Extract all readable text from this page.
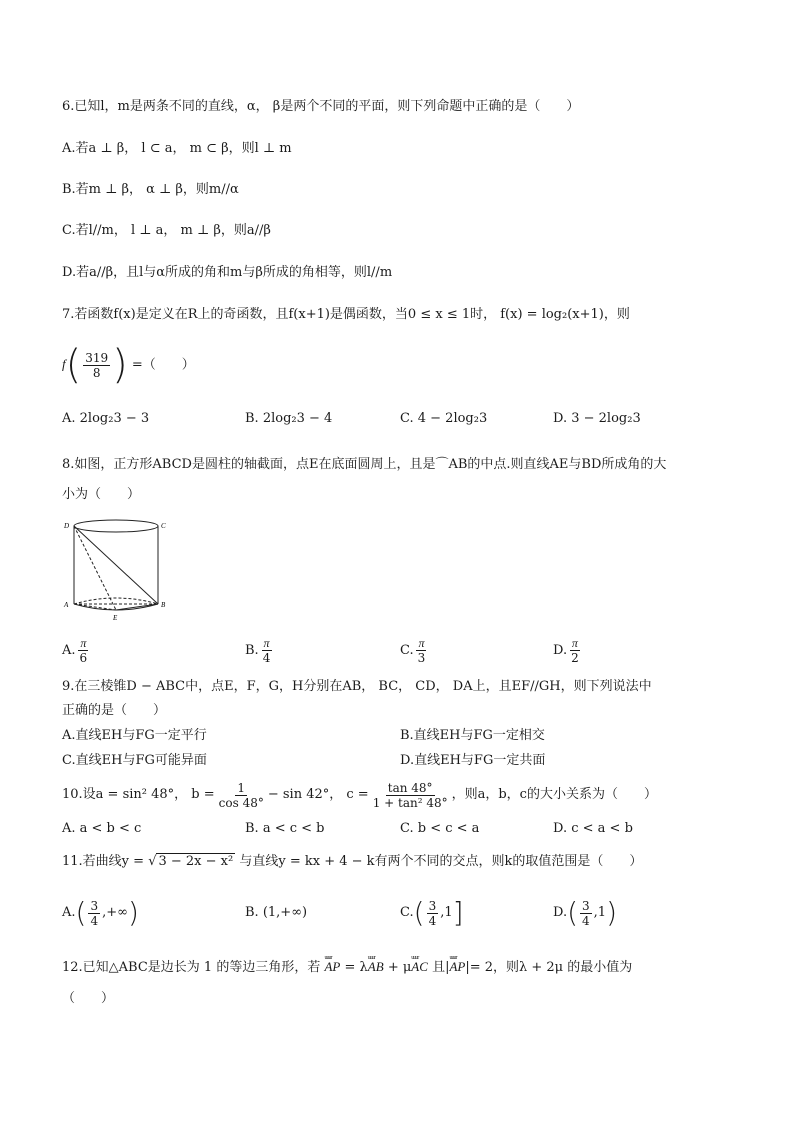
6.已知l，m是两条不同的直线，α， β是两个不同的平面，则下列命题中正确的是（　　）
A.若a ⊥ β， l ⊂ a， m ⊂ β，则l ⊥ m
B.若m ⊥ β， α ⊥ β，则m//α
C.若l//m， l ⊥ a， m ⊥ β，则a//β
D.若a//β，且l与α所成的角和m与β所成的角相等，则l//m
7.若函数f(x)是定义在R上的奇函数，且f(x+1)是偶函数，当0 ≤ x ≤ 1时， f(x) = log₂(x+1)，则
$f( \frac{319}{8}$ ) =（　　）
A. 2log₂3 − 3	B. 2log₂3 − 4	C. 4 − 2log₂3	D. 3 − 2log₂3
8.如图，正方形ABCD是圆柱的轴截面，点E在底面圆周上，且是⌒AB的中点.则直线AE与BD所成角的大
小为（　　）
D	C
A	B
E
A. $\frac{\pi}{6}$	B. $\frac{\pi}{4}$	C. $\frac{\pi}{3}$	D. $\frac{\pi}{2}$
9.在三棱锥D − ABC中，点E，F，G，H分别在AB， BC， CD， DA上，且EF//GH，则下列说法中
正确的是（　　）
A.直线EH与FG一定平行	B.直线EH与FG一定相交
C.直线EH与FG可能异面	D.直线EH与FG一定共面
10.设a = sin² 48°， $b = \frac{1}{\cos 48^\circ} - \sin 42^\circ$， $c = \frac{\tan 48^\circ}{\text{1 + tan² 48°}}$ ，则a，b，c的大小关系为（　　）
A. a < b < c	B. a < c < b	C. b < c < a	D. c < a < b
11.若曲线y = √ 3 − 2x − x² 与直线y = kx + 4 − k有两个不同的交点，则k的取值范围是（　　）
A. ( $\frac{3}{4}$ ,+∞ )	B. (1,+∞)	C. ( $\frac{3}{4} ,1$ ]	D. ( $\frac{3}{4} ,1$ )
12.已知△ABC是边长为 1 的等边三角形，若 uuur AP = λuuur AB + μuuur AC 且|uuur AP|= 2，则λ + 2μ 的最小值为
（　　）
